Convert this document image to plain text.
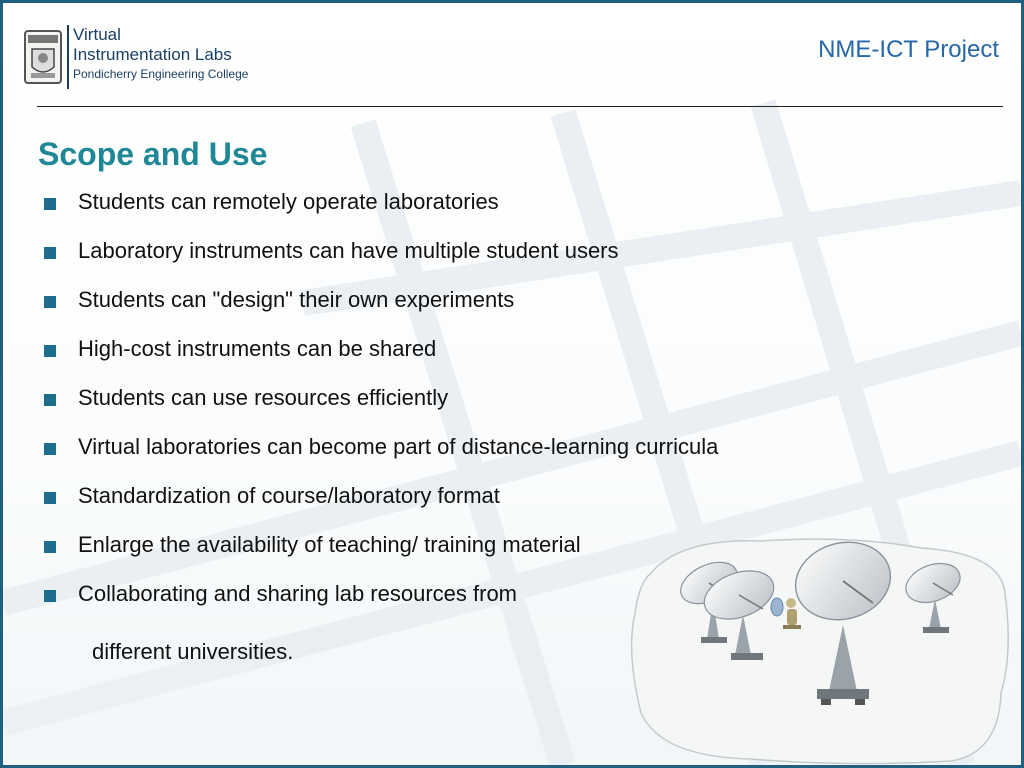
Virtual
Instrumentation Labs
Pondicherry Engineering College
NME-ICT Project
Scope and Use
Students can remotely operate laboratories
Laboratory instruments can have multiple student users
Students can "design" their own experiments
High-cost instruments can be shared
Students can use resources efficiently
Virtual laboratories can become part of distance-learning curricula
Standardization of course/laboratory format
Enlarge the availability of teaching/ training material
Collaborating and sharing lab resources from
different universities.
